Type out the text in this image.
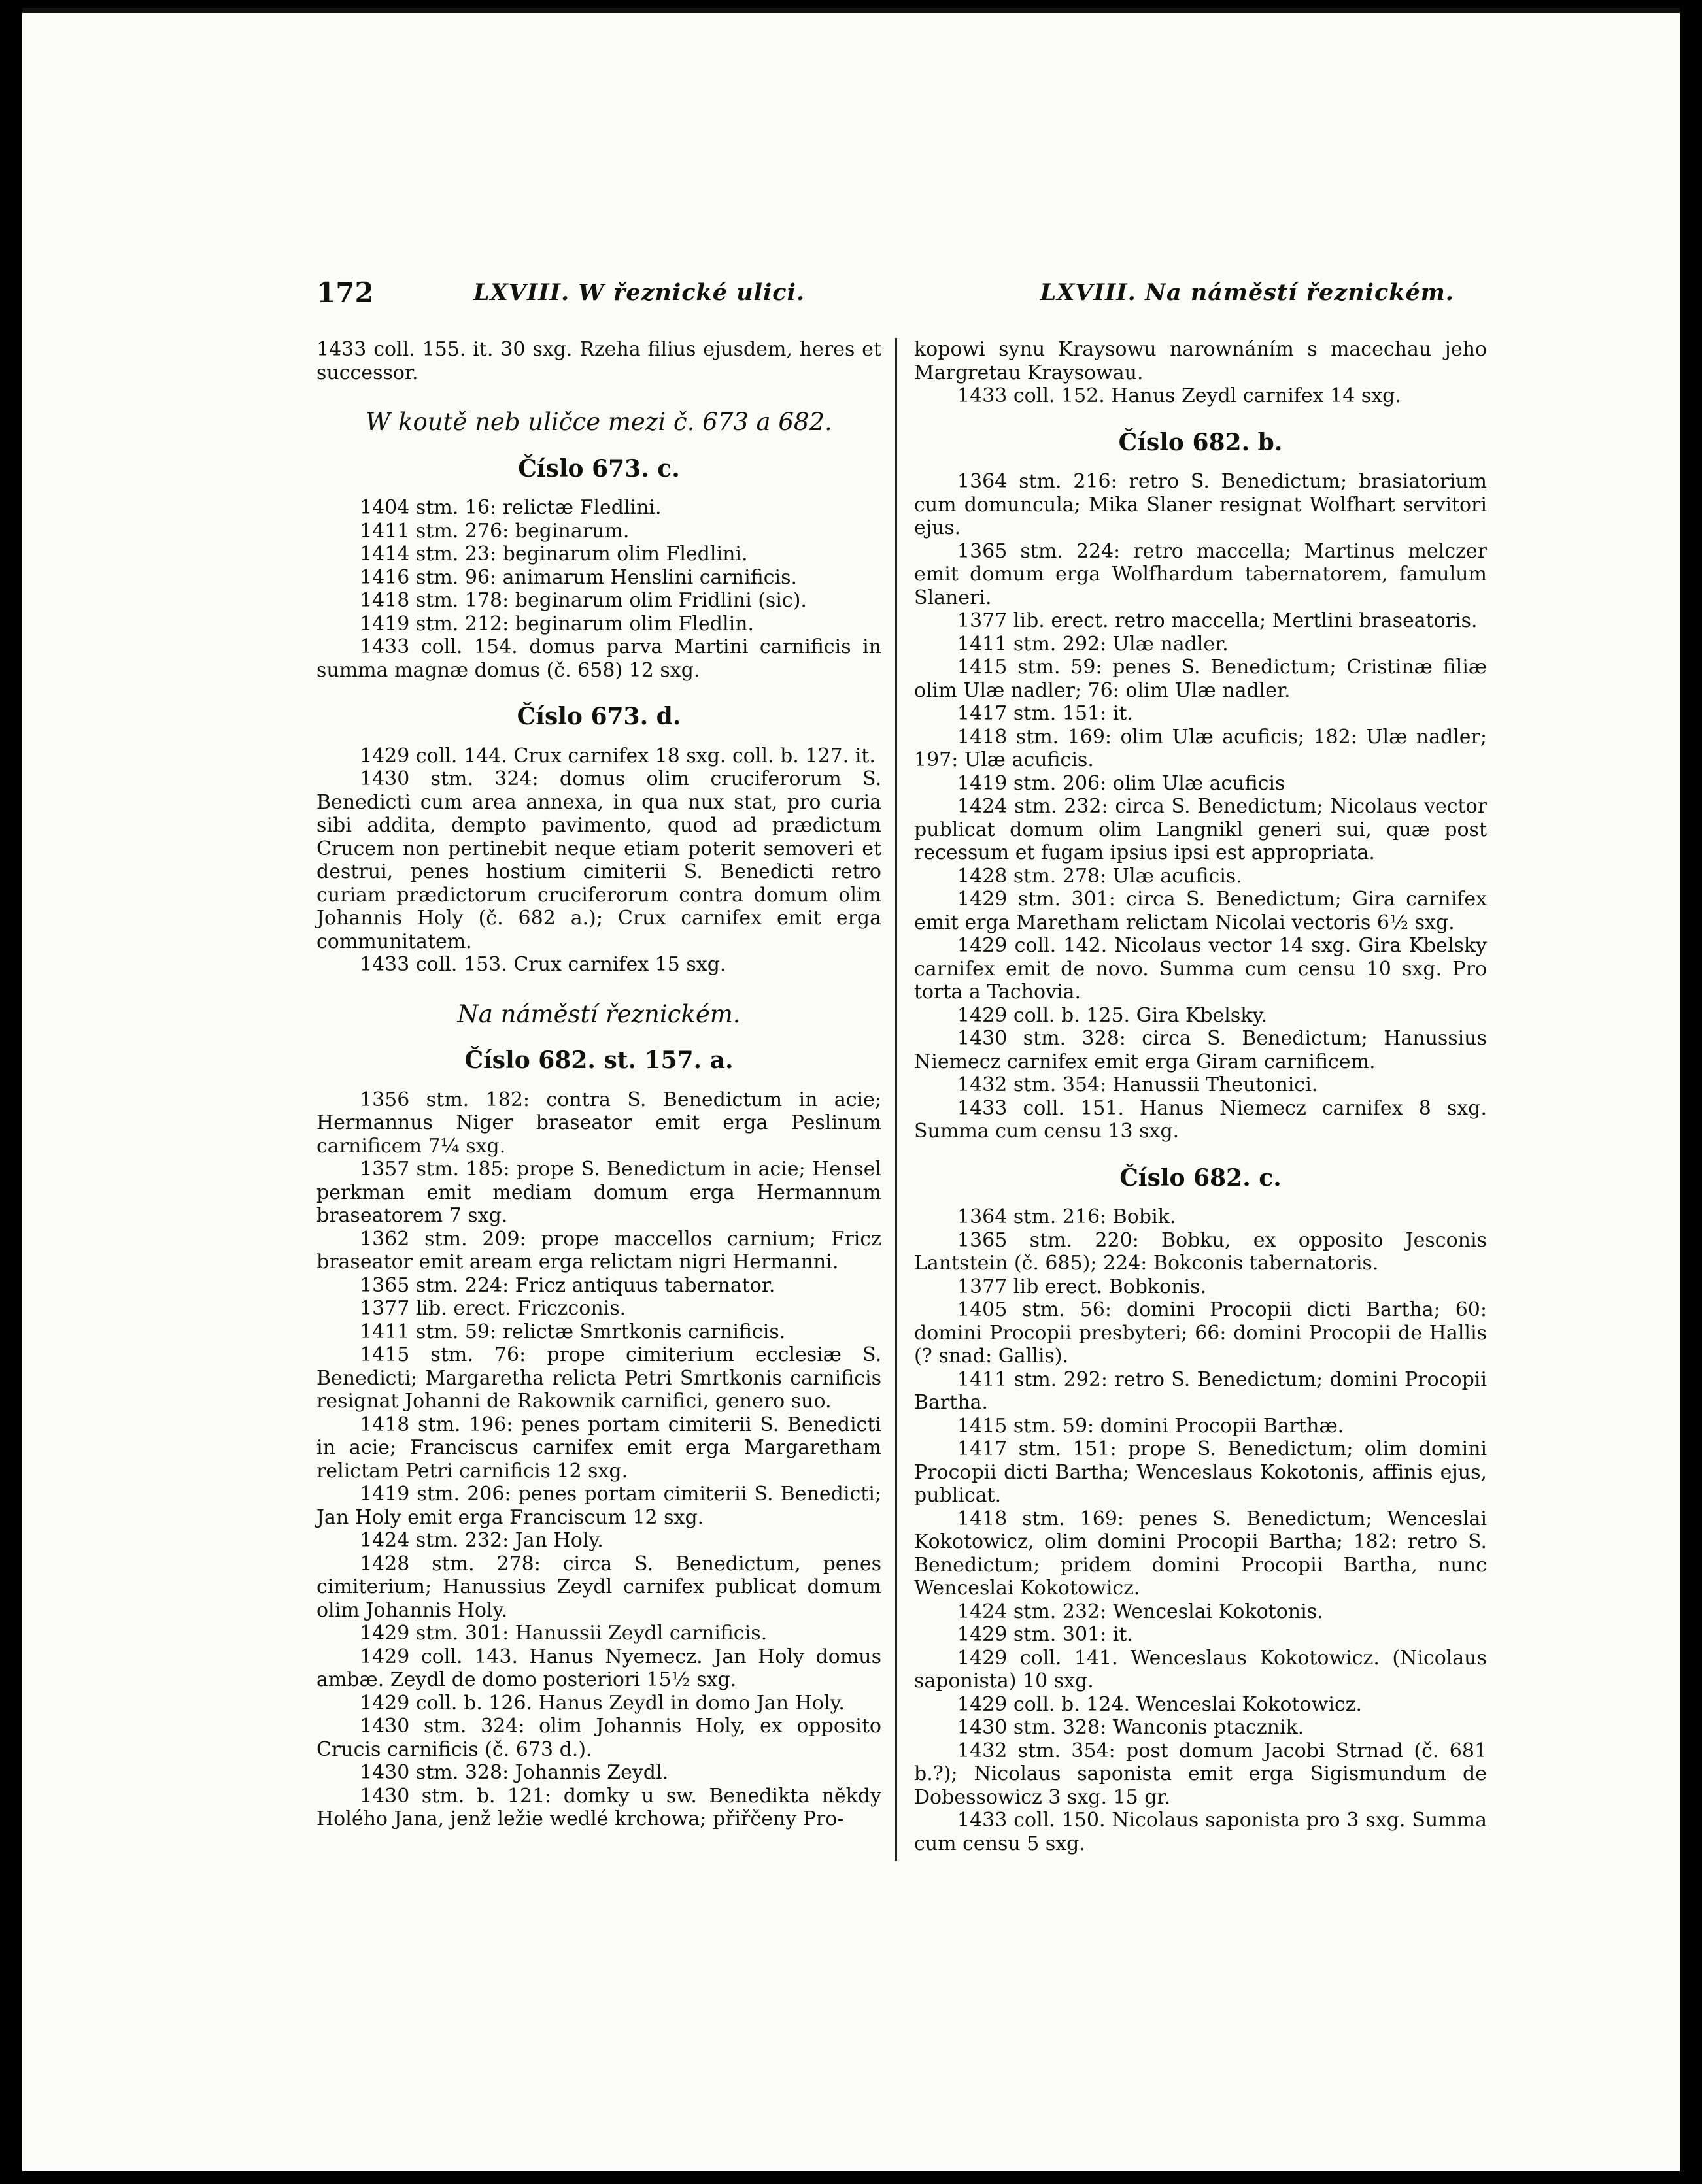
172	LXVIII. W řeznické ulici.	LXVIII. Na náměstí řeznickém.

1433 coll. 155. it. 30 sxg. Rzeha filius ejusdem, heres et successor.

W koutě neb uličce mezi č. 673 a 682.
Číslo 673. c.

1404 stm. 16: relictæ Fledlini.

1411 stm. 276: beginarum.

1414 stm. 23: beginarum olim Fledlini.

1416 stm. 96: animarum Henslini carnificis.

1418 stm. 178: beginarum olim Fridlini (sic).

1419 stm. 212: beginarum olim Fledlin.

1433 coll. 154. domus parva Martini carnificis in summa magnæ domus (č. 658) 12 sxg.

Číslo 673. d.

1429 coll. 144. Crux carnifex 18 sxg. coll. b. 127. it.

1430 stm. 324: domus olim cruciferorum S. Benedicti cum area annexa, in qua nux stat, pro curia sibi addita, dempto pavimento, quod ad prædictum Crucem non pertinebit neque etiam poterit semoveri et destrui, penes hostium cimiterii S. Benedicti retro curiam prædictorum cruciferorum contra domum olim Johannis Holy (č. 682 a.); Crux carnifex emit erga communitatem.

1433 coll. 153. Crux carnifex 15 sxg.

Na náměstí řeznickém.
Číslo 682. st. 157. a.

1356 stm. 182: contra S. Benedictum in acie; Hermannus Niger braseator emit erga Peslinum carnificem 7¼ sxg.

1357 stm. 185: prope S. Benedictum in acie; Hensel perkman emit mediam domum erga Hermannum braseatorem 7 sxg.

1362 stm. 209: prope maccellos carnium; Fricz braseator emit aream erga relictam nigri Hermanni.

1365 stm. 224: Fricz antiquus tabernator.

1377 lib. erect. Friczconis.

1411 stm. 59: relictæ Smrtkonis carnificis.

1415 stm. 76: prope cimiterium ecclesiæ S. Benedicti; Margaretha relicta Petri Smrtkonis carnificis resignat Johanni de Rakownik carnifici, genero suo.

1418 stm. 196: penes portam cimiterii S. Benedicti in acie; Franciscus carnifex emit erga Margaretham relictam Petri carnificis 12 sxg.

1419 stm. 206: penes portam cimiterii S. Benedicti; Jan Holy emit erga Franciscum 12 sxg.

1424 stm. 232: Jan Holy.

1428 stm. 278: circa S. Benedictum, penes cimiterium; Hanussius Zeydl carnifex publicat domum olim Johannis Holy.

1429 stm. 301: Hanussii Zeydl carnificis.

1429 coll. 143. Hanus Nyemecz. Jan Holy domus ambæ. Zeydl de domo posteriori 15½ sxg.

1429 coll. b. 126. Hanus Zeydl in domo Jan Holy.

1430 stm. 324: olim Johannis Holy, ex opposito Crucis carnificis (č. 673 d.).

1430 stm. 328: Johannis Zeydl.

1430 stm. b. 121: domky u sw. Benedikta někdy Holého Jana, jenž ležie wedlé krchowa; přiřčeny Pro-

kopowi synu Kraysowu narownáním s macechau jeho Margretau Kraysowau.

1433 coll. 152. Hanus Zeydl carnifex 14 sxg.

Číslo 682. b.

1364 stm. 216: retro S. Benedictum; brasiatorium cum domuncula; Mika Slaner resignat Wolfhart servitori ejus.

1365 stm. 224: retro maccella; Martinus melczer emit domum erga Wolfhardum tabernatorem, famulum Slaneri.

1377 lib. erect. retro maccella; Mertlini braseatoris.

1411 stm. 292: Ulæ nadler.

1415 stm. 59: penes S. Benedictum; Cristinæ filiæ olim Ulæ nadler; 76: olim Ulæ nadler.

1417 stm. 151: it.

1418 stm. 169: olim Ulæ acuficis; 182: Ulæ nadler; 197: Ulæ acuficis.

1419 stm. 206: olim Ulæ acuficis

1424 stm. 232: circa S. Benedictum; Nicolaus vector publicat domum olim Langnikl generi sui, quæ post recessum et fugam ipsius ipsi est appropriata.

1428 stm. 278: Ulæ acuficis.

1429 stm. 301: circa S. Benedictum; Gira carnifex emit erga Maretham relictam Nicolai vectoris 6½ sxg.

1429 coll. 142. Nicolaus vector 14 sxg. Gira Kbelsky carnifex emit de novo. Summa cum censu 10 sxg. Pro torta a Tachovia.

1429 coll. b. 125. Gira Kbelsky.

1430 stm. 328: circa S. Benedictum; Hanussius Niemecz carnifex emit erga Giram carnificem.

1432 stm. 354: Hanussii Theutonici.

1433 coll. 151. Hanus Niemecz carnifex 8 sxg. Summa cum censu 13 sxg.

Číslo 682. c.

1364 stm. 216: Bobik.

1365 stm. 220: Bobku, ex opposito Jesconis Lantstein (č. 685); 224: Bokconis tabernatoris.

1377 lib erect. Bobkonis.

1405 stm. 56: domini Procopii dicti Bartha; 60: domini Procopii presbyteri; 66: domini Procopii de Hallis (? snad: Gallis).

1411 stm. 292: retro S. Benedictum; domini Procopii Bartha.

1415 stm. 59: domini Procopii Barthæ.

1417 stm. 151: prope S. Benedictum; olim domini Procopii dicti Bartha; Wenceslaus Kokotonis, affinis ejus, publicat.

1418 stm. 169: penes S. Benedictum; Wenceslai Kokotowicz, olim domini Procopii Bartha; 182: retro S. Benedictum; pridem domini Procopii Bartha, nunc Wenceslai Kokotowicz.

1424 stm. 232: Wenceslai Kokotonis.

1429 stm. 301: it.

1429 coll. 141. Wenceslaus Kokotowicz. (Nicolaus saponista) 10 sxg.

1429 coll. b. 124. Wenceslai Kokotowicz.

1430 stm. 328: Wanconis ptacznik.

1432 stm. 354: post domum Jacobi Strnad (č. 681 b.?); Nicolaus saponista emit erga Sigismundum de Dobessowicz 3 sxg. 15 gr.

1433 coll. 150. Nicolaus saponista pro 3 sxg. Summa cum censu 5 sxg.
